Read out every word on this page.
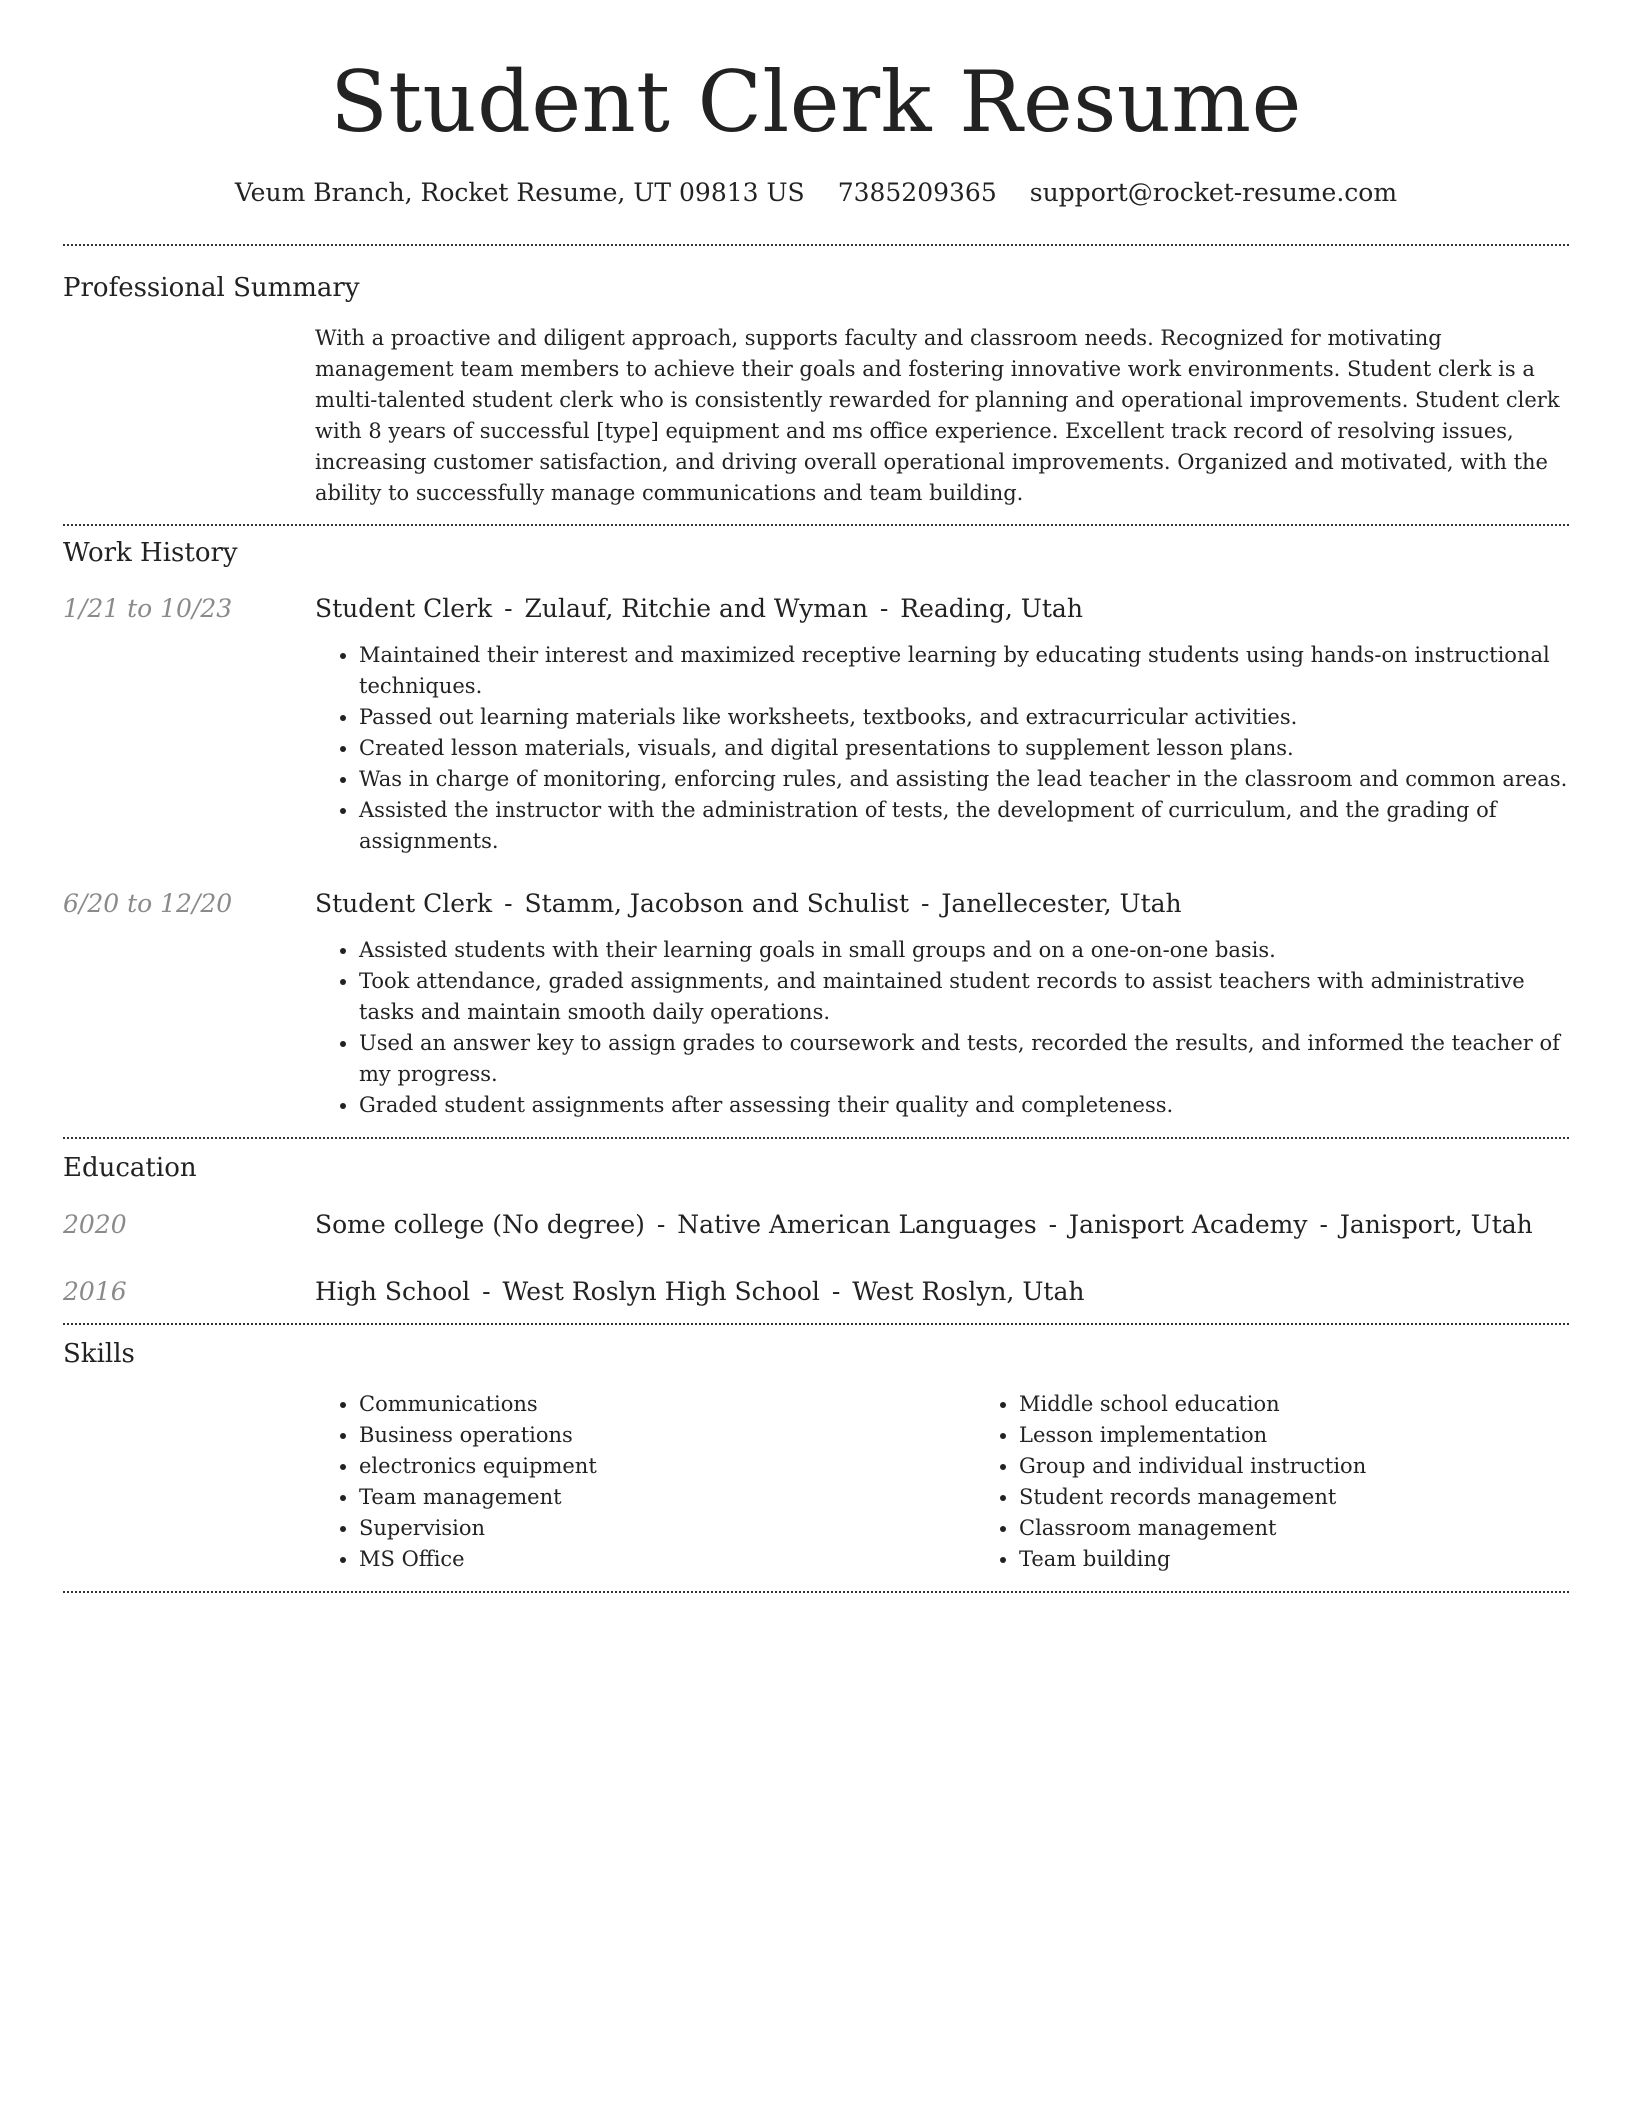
Student Clerk Resume
Veum Branch, Rocket Resume, UT 09813 US 7385209365 support@rocket-resume.com
Professional Summary

With a proactive and diligent approach, supports faculty and classroom needs. Recognized for motivating management team members to achieve their goals and fostering innovative work environments. Student clerk is a multi-talented student clerk who is consistently rewarded for planning and operational improvements. Student clerk with 8 years of successful [type] equipment and ms office experience. Excellent track record of resolving issues, increasing customer satisfaction, and driving overall operational improvements. Organized and motivated, with the ability to successfully manage communications and team building.

Work History
1/21 to 10/23	Student Clerk - Zulauf, Ritchie and Wyman - Reading, Utah
• Maintained their interest and maximized receptive learning by educating students using hands-on instructional techniques.
• Passed out learning materials like worksheets, textbooks, and extracurricular activities.
• Created lesson materials, visuals, and digital presentations to supplement lesson plans.
• Was in charge of monitoring, enforcing rules, and assisting the lead teacher in the classroom and common areas.
• Assisted the instructor with the administration of tests, the development of curriculum, and the grading of assignments.
6/20 to 12/20	Student Clerk - Stamm, Jacobson and Schulist - Janellecester, Utah
• Assisted students with their learning goals in small groups and on a one-on-one basis.
• Took attendance, graded assignments, and maintained student records to assist teachers with administrative tasks and maintain smooth daily operations.
• Used an answer key to assign grades to coursework and tests, recorded the results, and informed the teacher of my progress.
• Graded student assignments after assessing their quality and completeness.
Education
2020	Some college (No degree) - Native American Languages - Janisport Academy - Janisport, Utah
2016	High School - West Roslyn High School - West Roslyn, Utah
Skills
• Communications
• Business operations
• electronics equipment
• Team management
• Supervision
• MS Office
• Middle school education
• Lesson implementation
• Group and individual instruction
• Student records management
• Classroom management
• Team building
